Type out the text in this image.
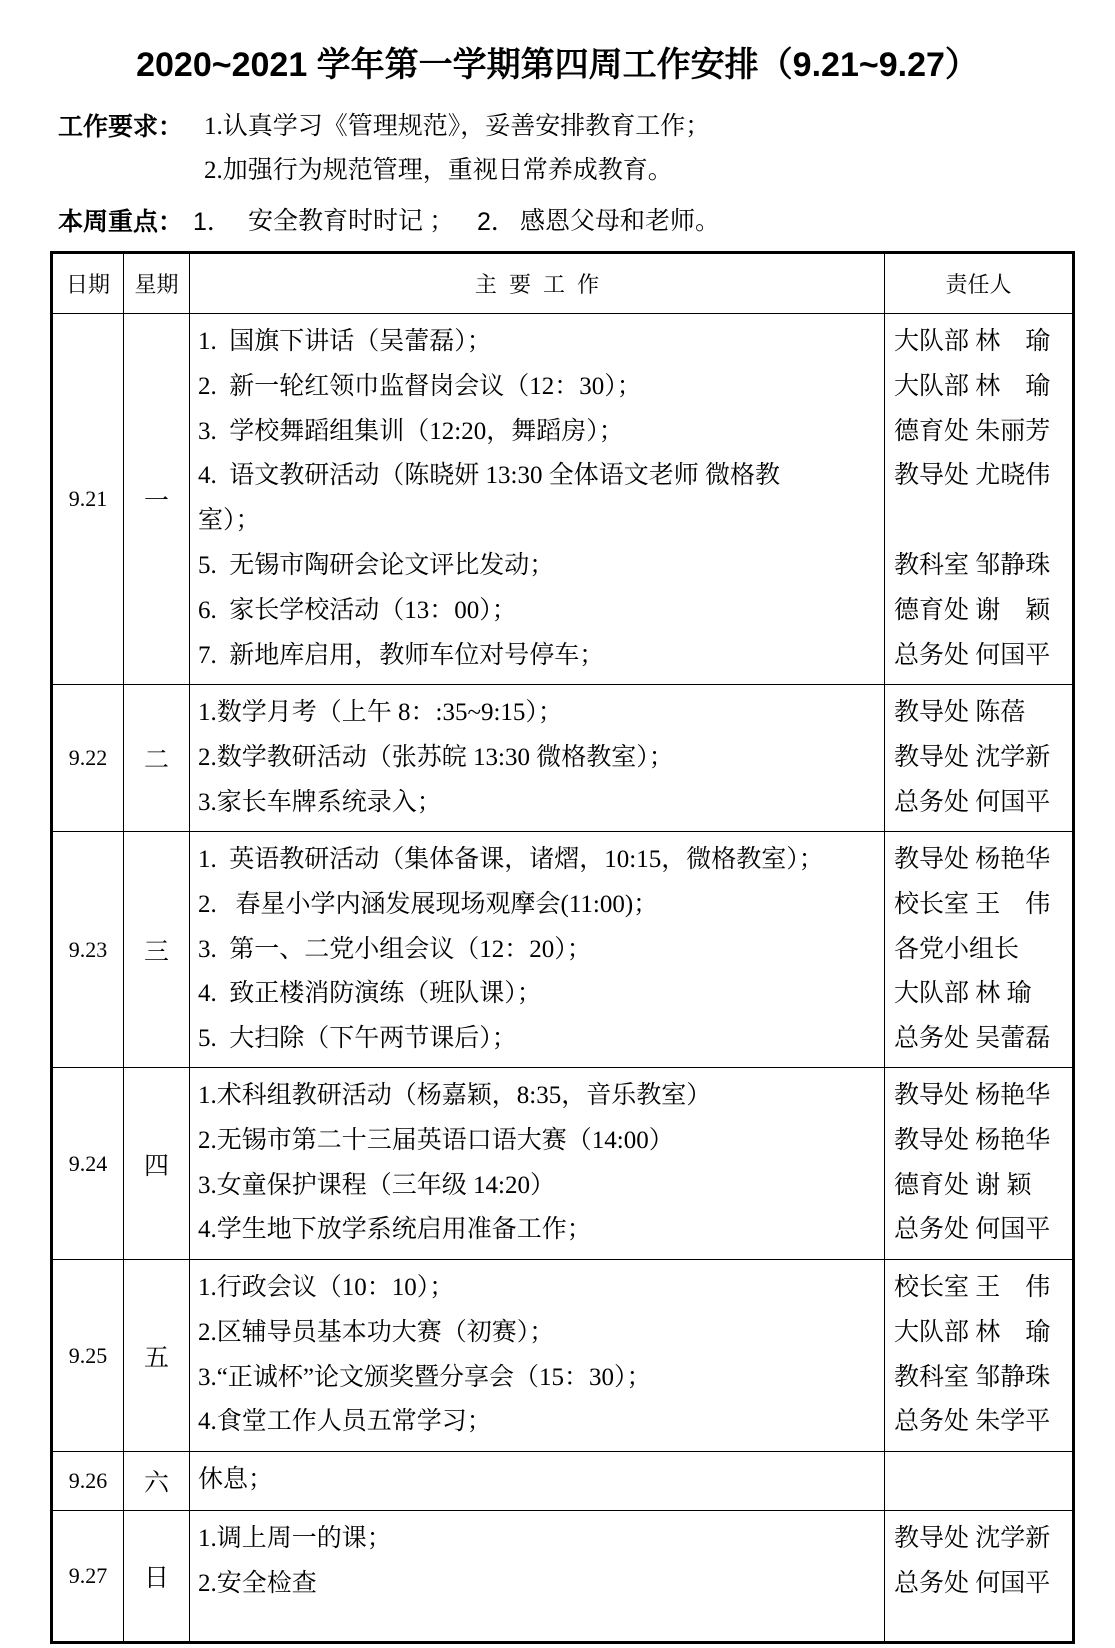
2020~2021 学年第一学期第四周工作安排（9.21~9.27）
工作要求： 1.认真学习《管理规范》，妥善安排教育工作；
2.加强行为规范管理，重视日常养成教育。
本周重点： 1． 安全教育时时记 ； 2． 感恩父母和老师。
日期 星期	主 要 工 作	责任人
9.21 一
1.  国旗下讲话（吴蕾磊）；
2.  新一轮红领巾监督岗会议（12：30）；
3.  学校舞蹈组集训（12:20，舞蹈房）；
4.  语文教研活动（陈晓妍 13:30 全体语文老师 微格教
室）；
5.  无锡市陶研会论文评比发动；
6.  家长学校活动（13：00）；
7.  新地库启用，教师车位对号停车；
大队部 林　瑜
大队部 林　瑜
德育处 朱丽芳
教导处 尤晓伟
教科室 邹静珠
德育处 谢　颖
总务处 何国平
9.22 二
1.数学月考（上午 8：:35~9:15）；
2.数学教研活动（张苏皖 13:30 微格教室）；
3.家长车牌系统录入；
教导处 陈蓓
教导处 沈学新
总务处 何国平
9.23 三
1.  英语教研活动（集体备课，诸熠，10:15，微格教室）；
2.   春星小学内涵发展现场观摩会(11:00)；
3.  第一、二党小组会议（12：20）；
4.  致正楼消防演练（班队课）；
5.  大扫除（下午两节课后）；
教导处 杨艳华
校长室 王　伟
各党小组长
大队部 林 瑜
总务处 吴蕾磊
9.24 四
1.术科组教研活动（杨嘉颖，8:35，音乐教室）
2.无锡市第二十三届英语口语大赛（14:00）
3.女童保护课程（三年级 14:20）
4.学生地下放学系统启用准备工作；
教导处 杨艳华
教导处 杨艳华
德育处 谢 颖
总务处 何国平
9.25 五
1.行政会议（10：10）；
2.区辅导员基本功大赛（初赛）；
3.“正诚杯”论文颁奖暨分享会（15：30）；
4.食堂工作人员五常学习；
校长室 王　伟
大队部 林　瑜
教科室 邹静珠
总务处 朱学平
9.26 六 休息；
9.27 日
1.调上周一的课；
2.安全检查
教导处 沈学新
总务处 何国平
